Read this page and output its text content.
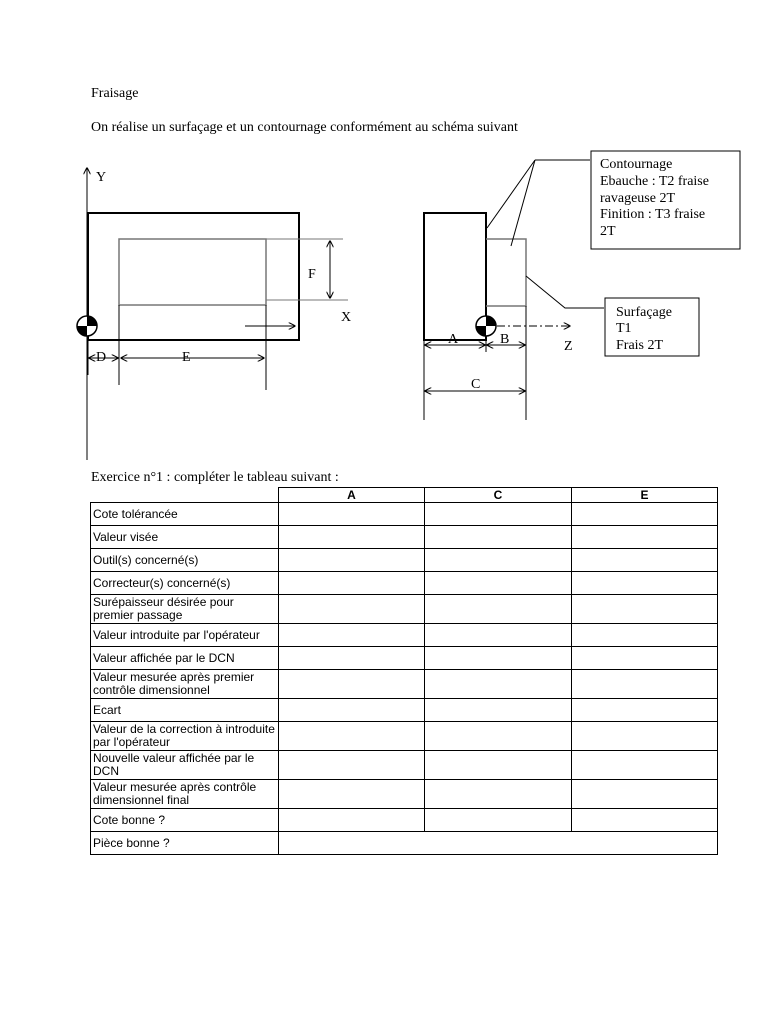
Fraisage
On réalise un surfaçage et un contournage conformément au schéma suivant
Y
F
X
D	E
Z
A	B
C
Contournage
Ebauche : T2 fraise
ravageuse 2T
Finition : T3 fraise
2T
Surfaçage
T1
Frais 2T
Exercice n°1 : compléter le tableau suivant :
	A	C	E
Cote tolérancée			
Valeur visée			
Outil(s) concerné(s)			
Correcteur(s) concerné(s)			
Surépaisseur désirée pour premier passage			
Valeur introduite par l'opérateur			
Valeur affichée par le DCN			
Valeur mesurée après premier contrôle dimensionnel			
Ecart			
Valeur de la correction à introduite par l'opérateur			
Nouvelle valeur affichée par le DCN			
Valeur mesurée après contrôle dimensionnel final			
Cote bonne ?			
Pièce bonne ?			
